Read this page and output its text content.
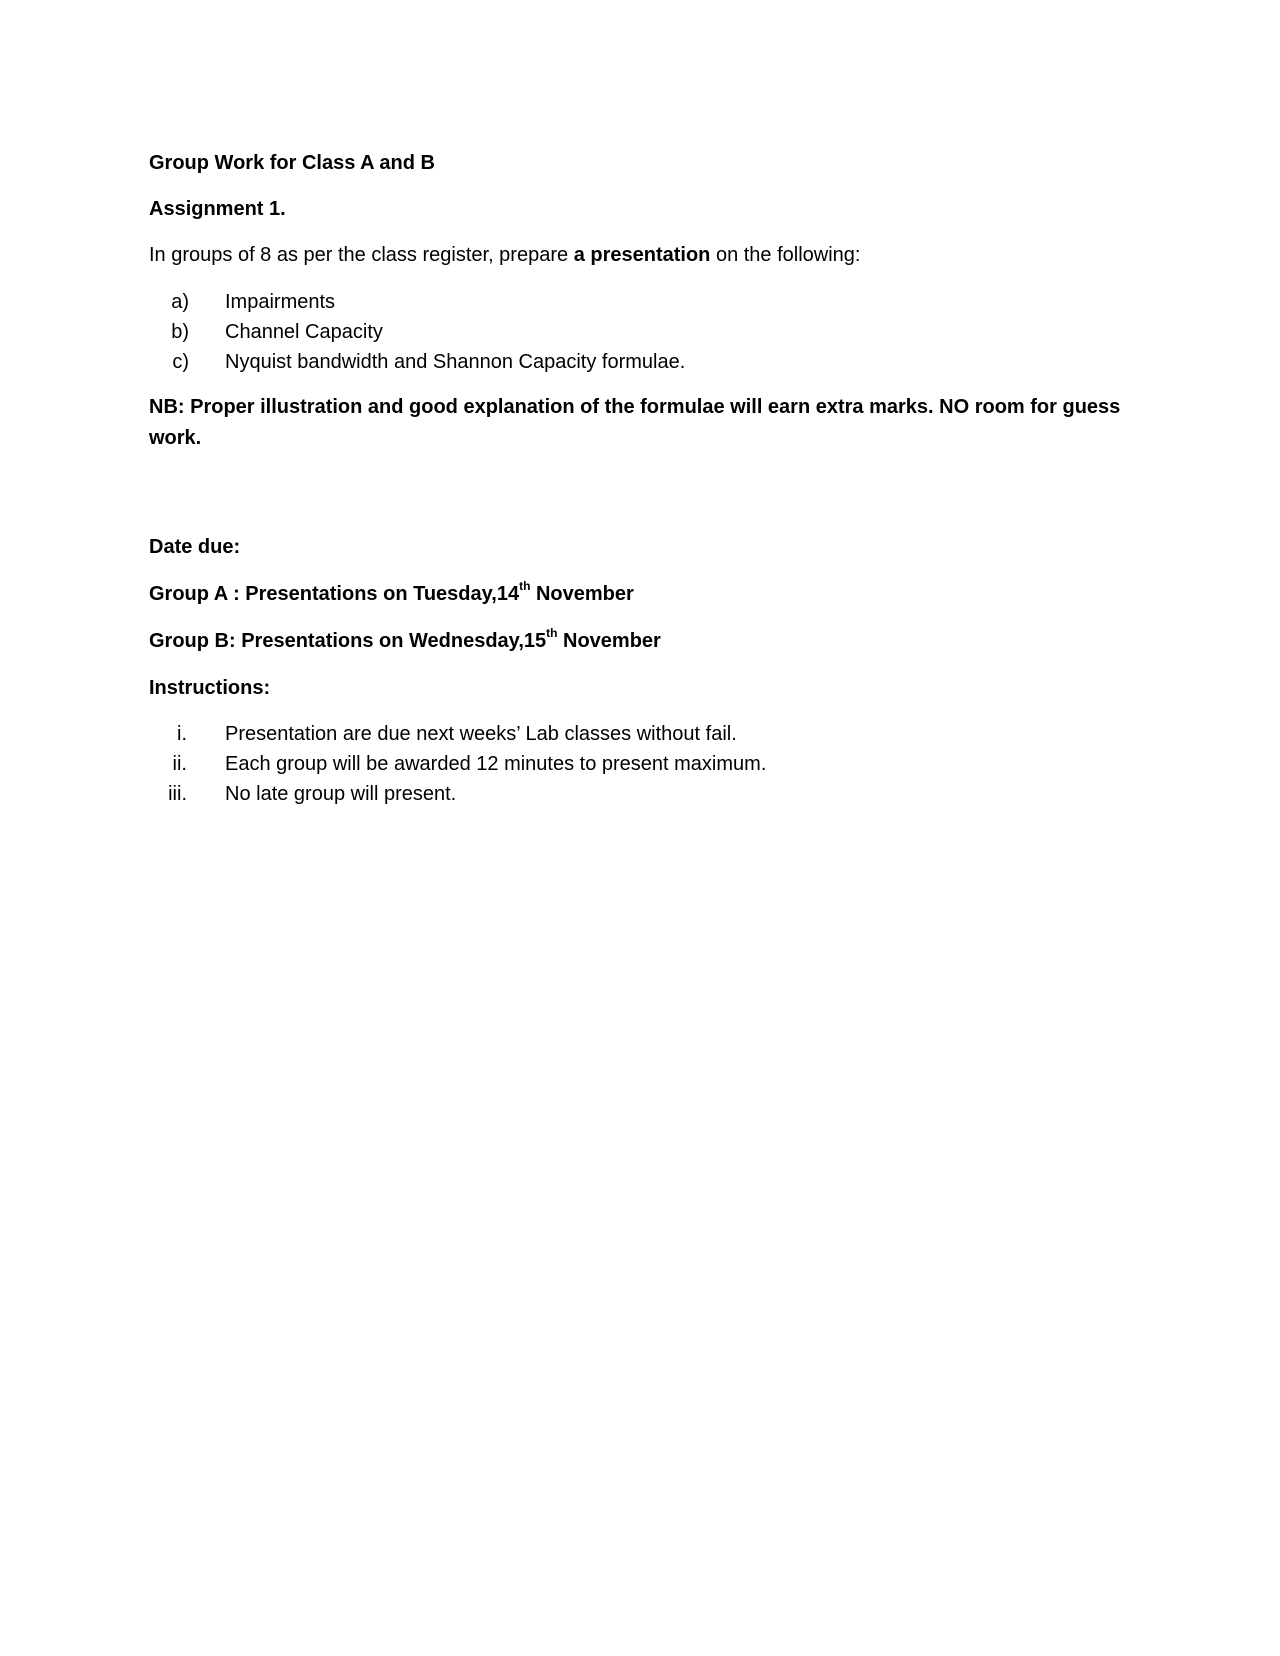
Group Work for Class A and B
Assignment 1.
In groups of 8 as per the class register, prepare a presentation on the following:
a) Impairments
b) Channel Capacity
c) Nyquist bandwidth and Shannon Capacity formulae.
NB: Proper illustration and good explanation of the formulae will earn extra marks. NO room for guess work.
Date due:
Group A : Presentations on Tuesday,14th November
Group B: Presentations on Wednesday,15th November
Instructions:
i. Presentation are due next weeks’ Lab classes without fail.
ii. Each group will be awarded 12 minutes to present maximum.
iii. No late group will present.
